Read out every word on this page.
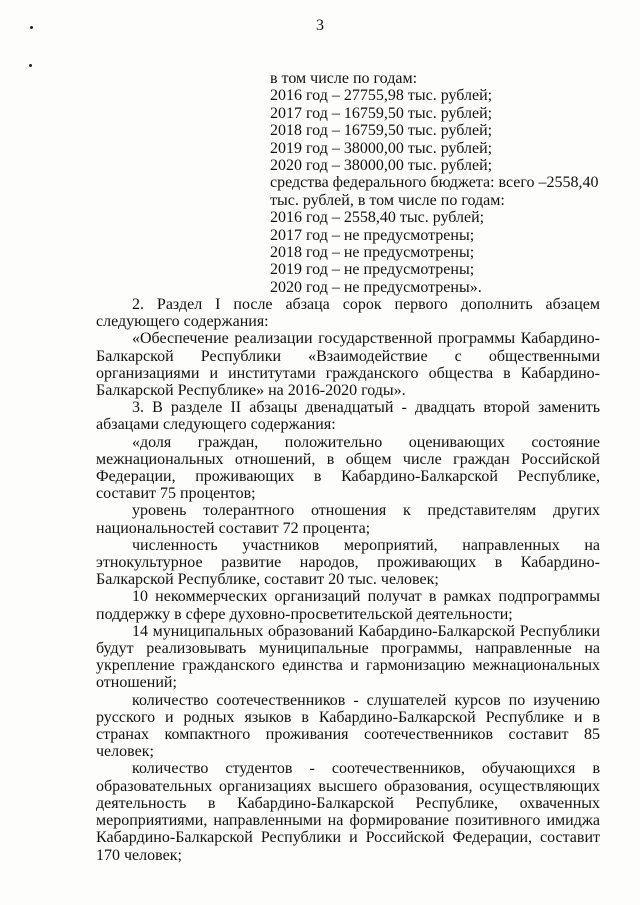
3
в том числе по годам:
2016 год – 27755,98 тыс. рублей;
2017 год – 16759,50 тыс. рублей;
2018 год – 16759,50 тыс. рублей;
2019 год – 38000,00 тыс. рублей;
2020 год – 38000,00 тыс. рублей;
средства федерального бюджета: всего –2558,40
тыс. рублей, в том числе по годам:
2016 год – 2558,40 тыс. рублей;
2017 год – не предусмотрены;
2018 год – не предусмотрены;
2019 год – не предусмотрены;
2020 год – не предусмотрены».

2. Раздел I после абзаца сорок первого дополнить абзацем следующего содержания:

«Обеспечение реализации государственной программы Кабардино-Балкарской Республики «Взаимодействие с общественными организациями и институтами гражданского общества в Кабардино-Балкарской Республике» на 2016-2020 годы».

3. В разделе II абзацы двенадцатый - двадцать второй заменить абзацами следующего содержания:

«доля граждан, положительно оценивающих состояние межнациональных отношений, в общем числе граждан Российской Федерации, проживающих в Кабардино-Балкарской Республике, составит 75 процентов;

уровень толерантного отношения к представителям других национальностей составит 72 процента;

численность участников мероприятий, направленных на этнокультурное развитие народов, проживающих в Кабардино-Балкарской Республике, составит 20 тыс. человек;

10 некоммерческих организаций получат в рамках подпрограммы поддержку в сфере духовно-просветительской деятельности;

14 муниципальных образований Кабардино-Балкарской Республики будут реализовывать муниципальные программы, направленные на укрепление гражданского единства и гармонизацию межнациональных отношений;

количество соотечественников - слушателей курсов по изучению русского и родных языков в Кабардино-Балкарской Республике и в странах компактного проживания соотечественников составит 85 человек;

количество студентов - соотечественников, обучающихся в образовательных организациях высшего образования, осуществляющих деятельность в Кабардино-Балкарской Республике, охваченных мероприятиями, направленными на формирование позитивного имиджа Кабардино-Балкарской Республики и Российской Федерации, составит 170 человек;
